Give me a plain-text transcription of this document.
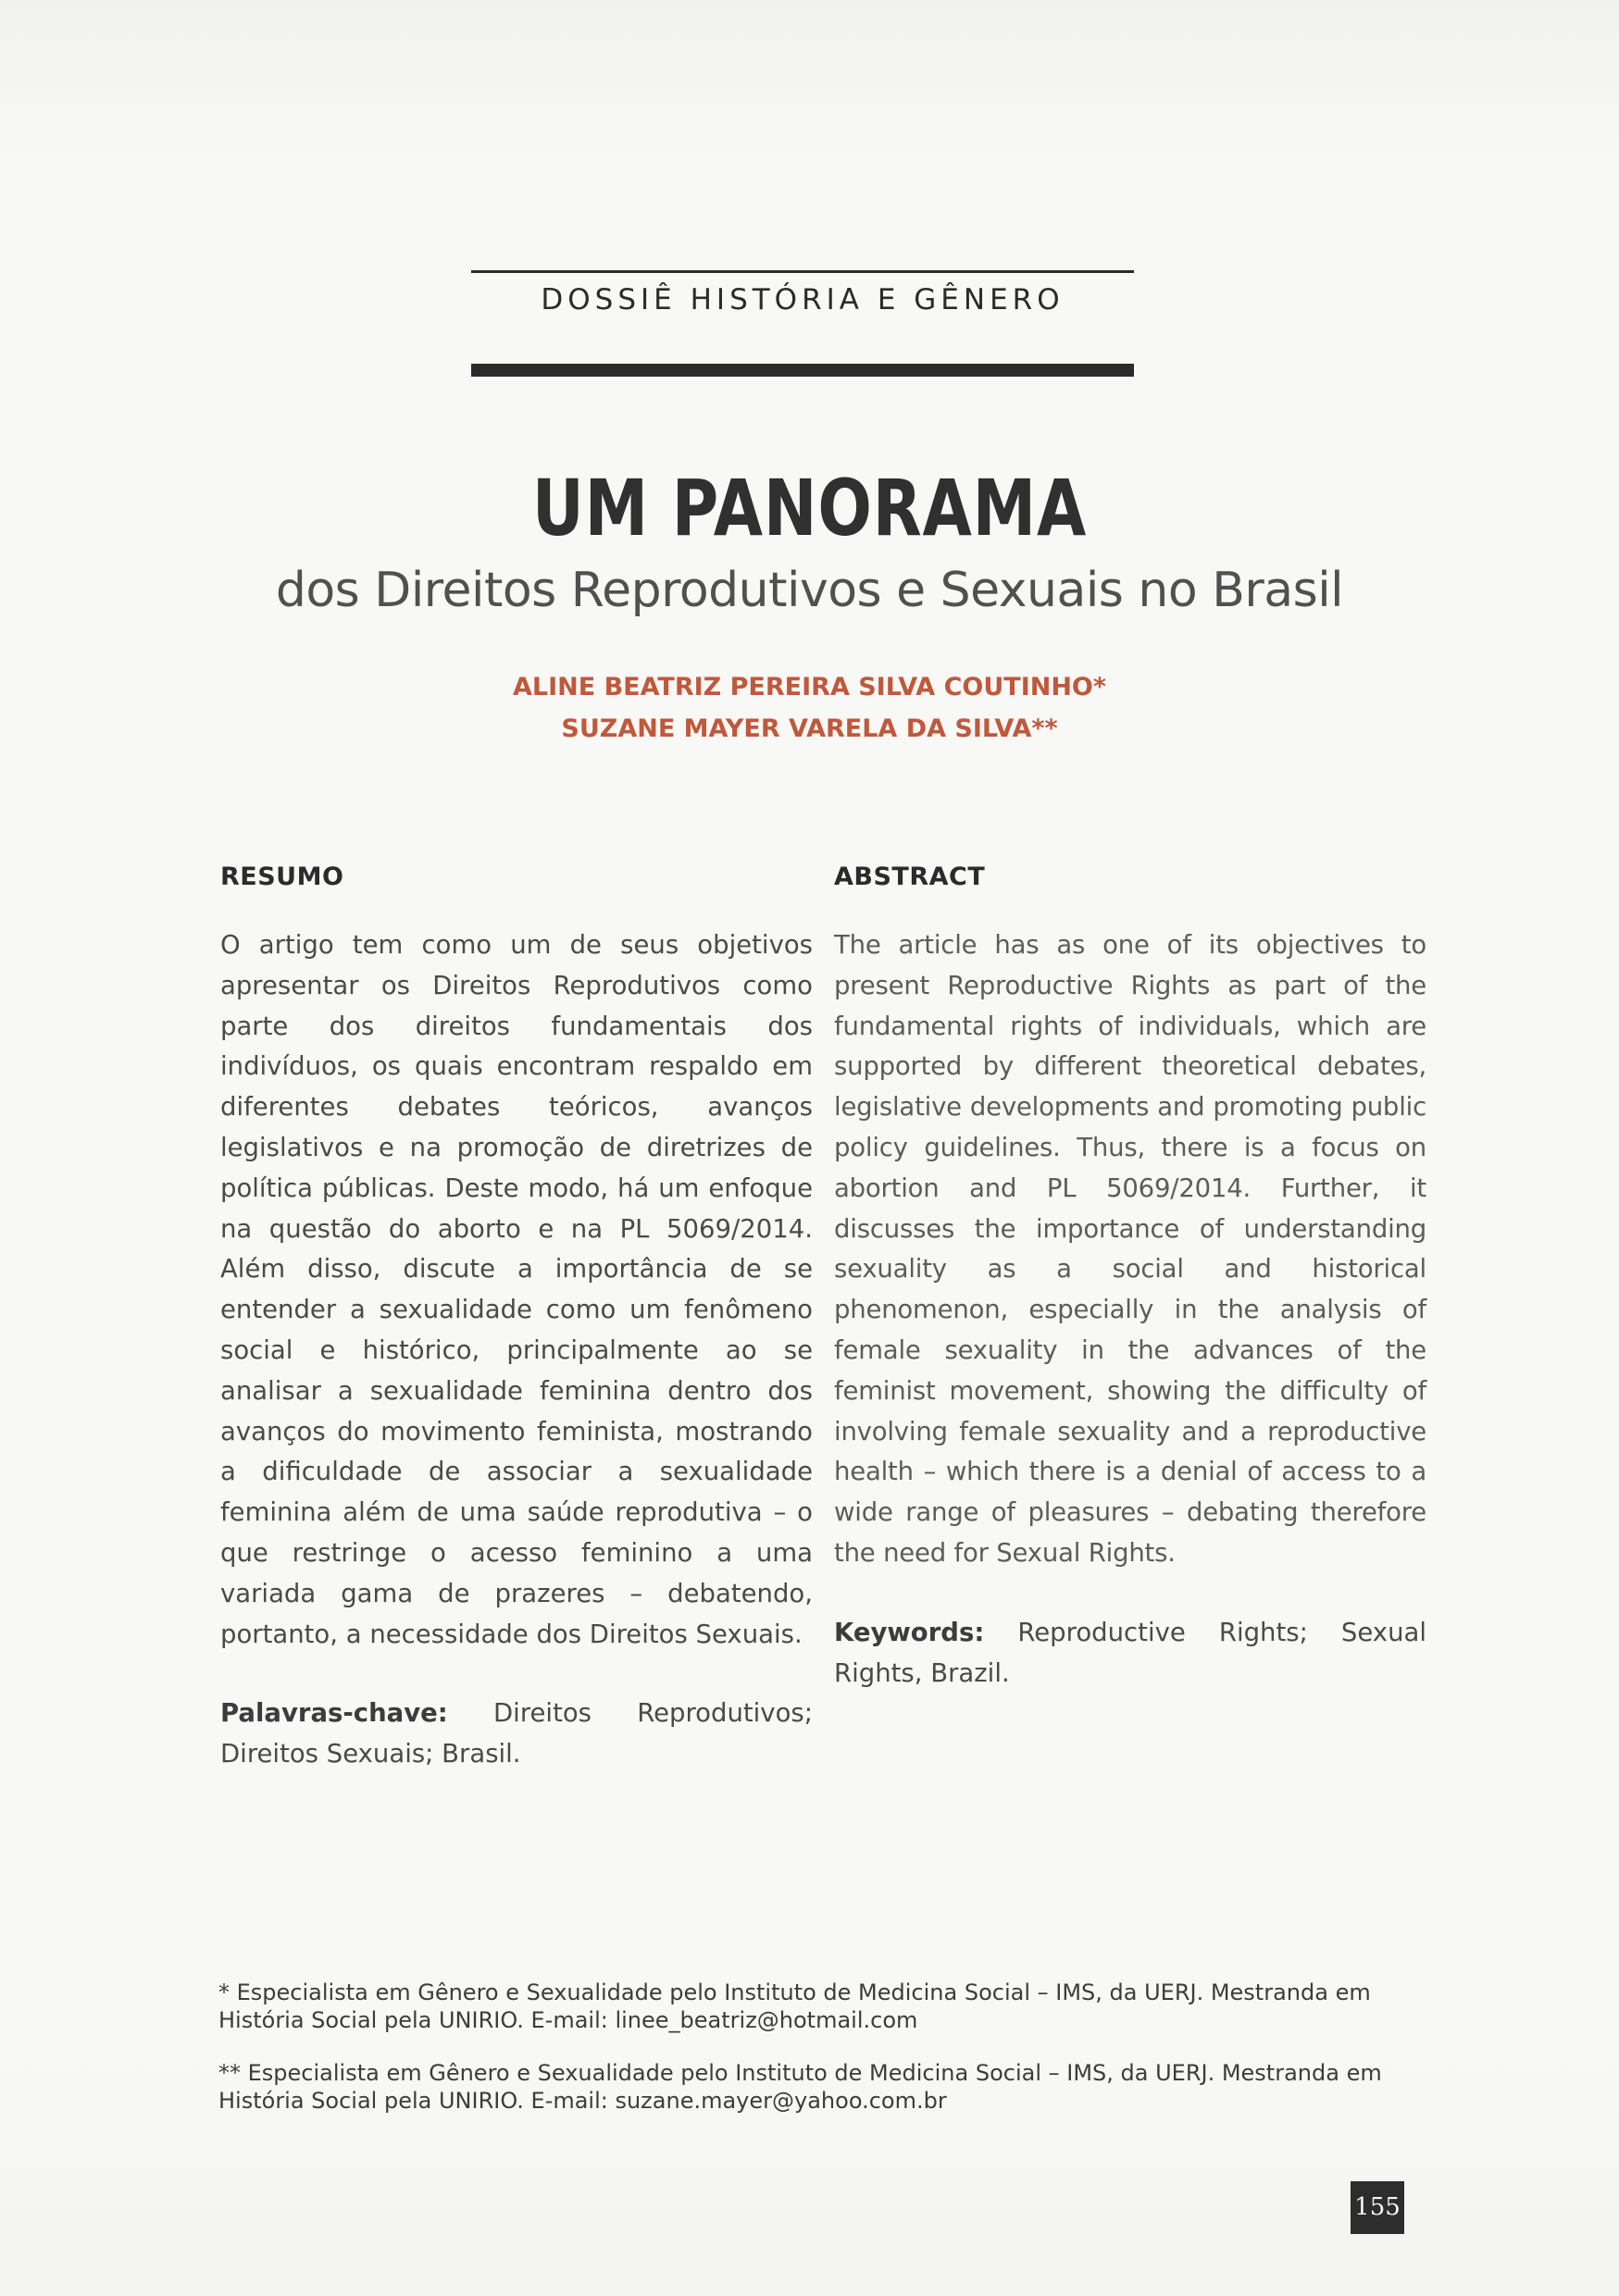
DOSSIÊ HISTÓRIA E GÊNERO
UM PANORAMA
dos Direitos Reprodutivos e Sexuais no Brasil
ALINE BEATRIZ PEREIRA SILVA COUTINHO*
SUZANE MAYER VARELA DA SILVA**
RESUMO

O artigo tem como um de seus objetivos apresentar os Direitos Reprodutivos como parte dos direitos fundamentais dos indivíduos, os quais encontram respaldo em diferentes debates teóricos, avanços legislativos e na promoção de diretrizes de política públicas. Deste modo, há um enfoque na questão do aborto e na PL 5069/2014. Além disso, discute a importância de se entender a sexualidade como um fenômeno social e histórico, principalmente ao se analisar a sexualidade feminina dentro dos avanços do movimento feminista, mostrando a dificuldade de associar a sexualidade feminina além de uma saúde reprodutiva – o que restringe o acesso feminino a uma variada gama de prazeres – debatendo, portanto, a necessidade dos Direitos Sexuais.

Palavras-chave: Direitos Reprodutivos; Direitos Sexuais; Brasil.

ABSTRACT

The article has as one of its objectives to present Reproductive Rights as part of the fundamental rights of individuals, which are supported by different theoretical debates, legislative developments and promoting public policy guidelines. Thus, there is a focus on abortion and PL 5069/2014. Further, it discusses the importance of understanding sexuality as a social and historical phenomenon, especially in the analysis of female sexuality in the advances of the feminist movement, showing the difficulty of involving female sexuality and a reproductive health – which there is a denial of access to a wide range of pleasures – debating therefore the need for Sexual Rights.

Keywords: Reproductive Rights; Sexual Rights, Brazil.

* Especialista em Gênero e Sexualidade pelo Instituto de Medicina Social – IMS, da UERJ. Mestranda em História Social pela UNIRIO. E-mail: linee_beatriz@hotmail.com
** Especialista em Gênero e Sexualidade pelo Instituto de Medicina Social – IMS, da UERJ. Mestranda em História Social pela UNIRIO. E-mail: suzane.mayer@yahoo.com.br
155
